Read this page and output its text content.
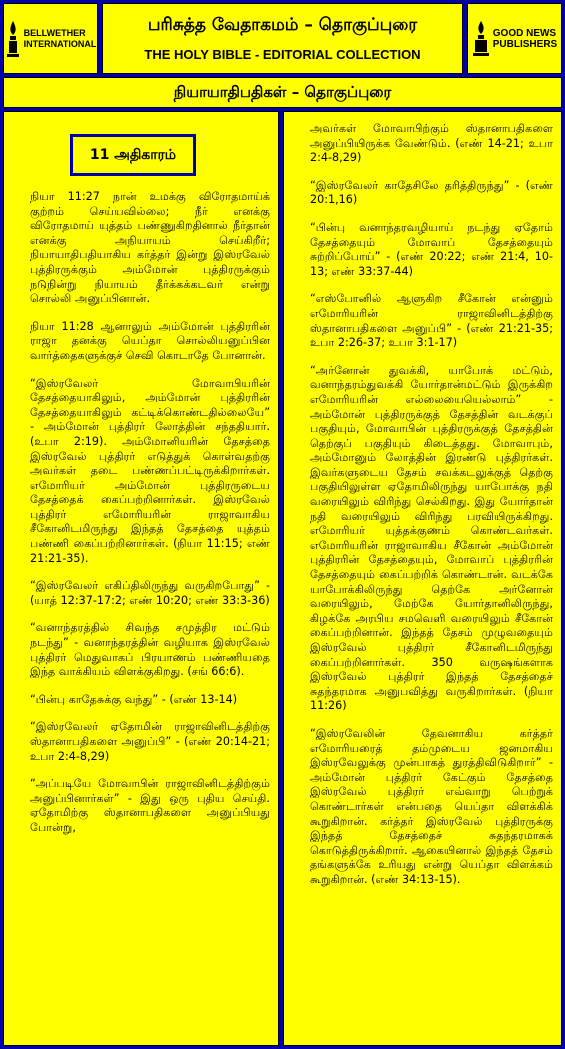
BELLWETHER
INTERNATIONAL
பரிசுத்த வேதாகமம் – தொகுப்புரை
THE HOLY BIBLE - EDITORIAL COLLECTION
GOOD NEWS
PUBLISHERS
நியாயாதிபதிகள் – தொகுப்புரை
11 அதிகாரம்

நியா 11:27 நான் உமக்கு விரோதமாய்க் குற்றம் செய்யவில்லை; நீர் எனக்கு விரோதமாய் யுத்தம் பண்ணுகிறதினால் நீர்தான் எனக்கு அநியாயம் செய்கிறீர்; நியாயாதிபதியாகிய கர்த்தர் இன்று இஸ்ரவேல் புத்திரருக்கும் அம்மோன் புத்திரருக்கும் நடுநின்று நியாயம் தீர்க்கக்கடவர் என்று சொல்லி அனுப்பினான்.

நியா 11:28 ஆனாலும் அம்மோன் புத்திரரின் ராஜா தனக்கு யெப்தா சொல்லியனுப்பின வார்த்தைகளுக்குச் செவி கொடாதே போனான்.

“இஸ்ரவேலர் மோவாபியரின் தேசத்தையாகிலும், அம்மோன் புத்திரரின் தேசத்தையாகிலும் கட்டிக்கொண்டதில்லையே” - அம்மோன் புத்திரர் லோத்தின் சந்ததியார். (உபா 2:19). அம்மோனியரின் தேசத்தை இஸ்ரவேல் புத்திரர் எடுத்துக் கொள்வதற்கு அவர்கள் தடை பண்ணப்பட்டிருக்கிறார்கள். எமோரியர் அம்மோன் புத்திரருடைய தேசத்தைக் கைப்பற்றினார்கள். இஸ்ரவேல் புத்திரர் எமோரியரின் ராஜாவாகிய சீகோனிடமிருந்து இந்தத் தேசத்தை யுத்தம் பண்ணி கைப்பற்றினார்கள். (நியா 11:15; எண் 21:21-35).

“இஸ்ரவேலர் எகிப்திலிருந்து வருகிறபோது” - (யாத் 12:37-17:2; எண் 10:20; எண் 33:3-36)

“வனாந்தரத்தில் சிவந்த சமுத்திர மட்டும் நடந்து” - வனாந்தரத்தின் வழியாக இஸ்ரவேல் புத்திரர் மெதுவாகப் பிரயாணம் பண்ணியதை இந்த வாக்கியம் விளக்குகிறது. (சங் 66:6).

“பின்பு காதேசுக்கு வந்து” - (எண் 13-14)

“இஸ்ரவேலர் ஏதோமின் ராஜாவினிடத்திற்கு ஸ்தானாபதிகளை அனுப்பி” - (எண் 20:14-21; உபா 2:4-8,29)

“அப்படியே மோவாபின் ராஜாவினிடத்திற்கும் அனுப்பினார்கள்” - இது ஒரு புதிய செய்தி. ஏதோமிற்கு ஸ்தானாபதிகளை அனுப்பியது போன்று,

அவர்கள் மோவாபிற்கும் ஸ்தானாபதிகளை அனுப்பியிருக்க வேண்டும். (எண் 14-21; உபா 2:4-8,29)

“இஸ்ரவேலர் காதேசிலே தரித்திருந்து” - (எண் 20:1,16)

“பின்பு வனாந்தரவழியாய் நடந்து ஏதோம் தேசத்தையும் மோவாப் தேசத்தையும் சுற்றிப்போய்” - (எண் 20:22; எண் 21:4, 10-13; எண் 33:37-44)

“எஸ்போனில் ஆளுகிற சீகோன் என்னும் எமோரியரின் ராஜாவினிடத்திற்கு ஸ்தானாபதிகளை அனுப்பி” - (எண் 21:21-35; உபா 2:26-37; உபா 3:1-17)

“அர்னோன் துவக்கி, யாபோக் மட்டும், வனாந்தரம்துவக்கி யோர்தான்மட்டும் இருக்கிற எமோரியரின் எல்லையையெல்லாம்” - அம்மோன் புத்திரருக்குத் தேசத்தின் வடக்குப் பகுதியும், மோவாபின் புத்திரருக்குத் தேசத்தின் தெற்குப் பகுதியும் கிடைத்தது. மோவாபும், அம்மோனும் லோத்தின் இரண்டு புத்திரர்கள். இவர்களுடைய தேசம் சவக்கடலுக்குத் தெற்கு பகுதியிலுள்ள ஏதோமிலிருந்து யாபோக்கு நதி வரையிலும் விரிந்து செல்கிறது. இது யோர்தான் நதி வரையிலும் விரிந்து பரவியிருக்கிறது. எமோரியர் யுத்தக்குணம் கொண்டவர்கள். எமோரியரின் ராஜாவாகிய சீகோன் அம்மோன் புத்திரரின் தேசத்தையும், மோவாப் புத்திரரின் தேசத்தையும் கைப்பற்றிக் கொண்டான். வடக்கே யாபோக்கிலிருந்து தெற்கே அர்னோன் வரையிலும், மேற்கே யோர்தானிலிருந்து, கிழக்கே அரபிய சமவெளி வரையிலும் சீகோன் கைப்பற்றினான். இந்தத் தேசம் முழுவதையும் இஸ்ரவேல் புத்திரர் சீகோனிடமிருந்து கைப்பற்றினார்கள். 350 வருஷங்களாக இஸ்ரவேல் புத்திரர் இந்தத் தேசத்தைச் சுதந்தரமாக அனுபவித்து வருகிறார்கள். (நியா 11:26)

“இஸ்ரவேலின் தேவனாகிய கர்த்தர் எமோரியரைத் தம்முடைய ஜனமாகிய இஸ்ரவேலுக்கு முன்பாகத் துரத்திவிடுகிறார்” - அம்மோன் புத்திரர் கேட்கும் தேசத்தை இஸ்ரவேல் புத்திரர் எவ்வாறு பெற்றுக் கொண்டார்கள் என்பதை யெப்தா விளக்கிக் கூறுகிறான். கர்த்தர் இஸ்ரவேல் புத்திரருக்கு இந்தத் தேசத்தைச் சுதந்தரமாகக் கொடுத்திருக்கிறார். ஆகையினால் இந்தத் தேசம் தங்களுக்கே உரியது என்று யெப்தா விளக்கம் கூறுகிறான். (எண் 34:13-15).
